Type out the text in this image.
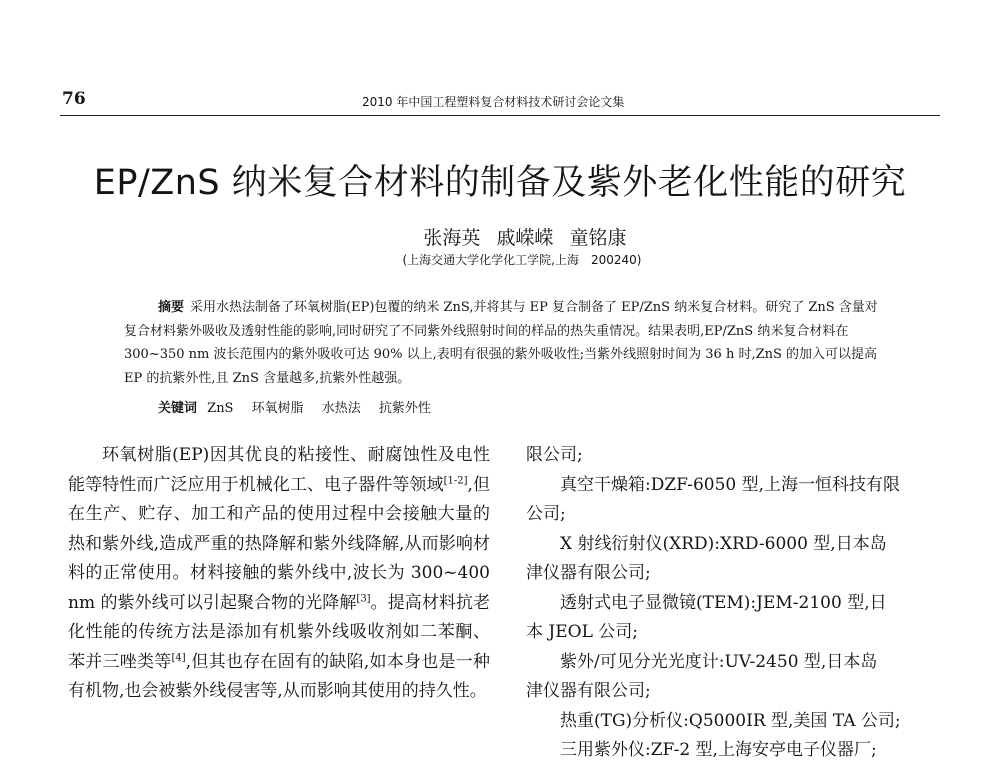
76	2010 年中国工程塑料复合材料技术研讨会论文集
EP/ZnS 纳米复合材料的制备及紫外老化性能的研究
张海英 戚嵘嵘 童铭康
(上海交通大学化学化工学院,上海　200240)
摘要 采用水热法制备了环氧树脂(EP)包覆的纳米 ZnS,并将其与 EP 复合制备了 EP/ZnS 纳米复合材料。研究了 ZnS 含量对复合材料紫外吸收及透射性能的影响,同时研究了不同紫外线照射时间的样品的热失重情况。结果表明,EP/ZnS 纳米复合材料在 300~350 nm 波长范围内的紫外吸收可达 90% 以上,表明有很强的紫外吸收性;当紫外线照射时间为 36 h 时,ZnS 的加入可以提高 EP 的抗紫外性,且 ZnS 含量越多,抗紫外性越强。
关键词 ZnS 环氧树脂 水热法 抗紫外性

环氧树脂(EP)因其优良的粘接性、耐腐蚀性及电性能等特性而广泛应用于机械化工、电子器件等领域[1-2],但在生产、贮存、加工和产品的使用过程中会接触大量的热和紫外线,造成严重的热降解和紫外线降解,从而影响材料的正常使用。材料接触的紫外线中,波长为 300~400 nm 的紫外线可以引起聚合物的光降解[3]。提高材料抗老化性能的传统方法是添加有机紫外线吸收剂如二苯酮、苯并三唑类等[4],但其也存在固有的缺陷,如本身也是一种有机物,也会被紫外线侵害等,从而影响其使用的持久性。

限公司;
真空干燥箱:DZF-6050 型,上海一恒科技有限
公司;
X 射线衍射仪(XRD):XRD-6000 型,日本岛
津仪器有限公司;
透射式电子显微镜(TEM):JEM-2100 型,日
本 JEOL 公司;
紫外/可见分光光度计:UV-2450 型,日本岛
津仪器有限公司;
热重(TG)分析仪:Q5000IR 型,美国 TA 公司;
三用紫外仪:ZF-2 型,上海安亭电子仪器厂;
